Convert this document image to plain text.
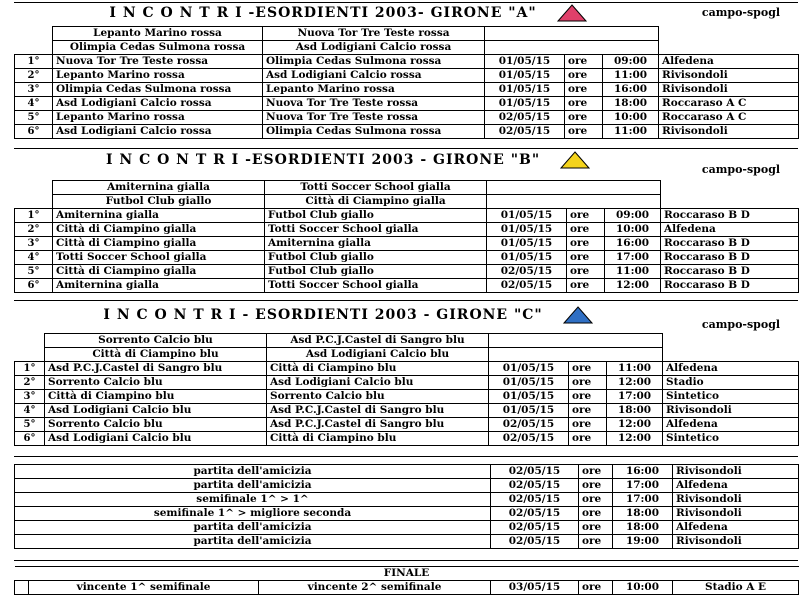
I N C O N T R I -ESORDIENTI 2003- GIRONE "A"	campo-spogl
	Lepanto Marino rossa	Nuova Tor Tre Teste rossa				
	Olimpia Cedas Sulmona rossa	Asd Lodigiani Calcio rossa				
1°	Nuova Tor Tre Teste rossa	Olimpia Cedas Sulmona rossa	01/05/15	ore	09:00	Alfedena
2°	Lepanto Marino rossa	Asd Lodigiani Calcio rossa	01/05/15	ore	11:00	Rivisondoli
3°	Olimpia Cedas Sulmona rossa	Lepanto Marino rossa	01/05/15	ore	16:00	Rivisondoli
4°	Asd Lodigiani Calcio rossa	Nuova Tor Tre Teste rossa	01/05/15	ore	18:00	Roccaraso A C
5°	Lepanto Marino rossa	Nuova Tor Tre Teste rossa	02/05/15	ore	10:00	Roccaraso A C
6°	Asd Lodigiani Calcio rossa	Olimpia Cedas Sulmona rossa	02/05/15	ore	11:00	Rivisondoli
I N C O N T R I -ESORDIENTI 2003 - GIRONE "B"
campo-spogl
	Amiternina gialla	Totti Soccer School gialla				
	Futbol Club giallo	Città di Ciampino gialla				
1°	Amiternina gialla	Futbol Club giallo	01/05/15	ore	09:00	Roccaraso B D
2°	Città di Ciampino gialla	Totti Soccer School gialla	01/05/15	ore	10:00	Alfedena
3°	Città di Ciampino gialla	Amiternina gialla	01/05/15	ore	16:00	Roccaraso B D
4°	Totti Soccer School gialla	Futbol Club giallo	01/05/15	ore	17:00	Roccaraso B D
5°	Città di Ciampino gialla	Futbol Club giallo	02/05/15	ore	11:00	Roccaraso B D
6°	Amiternina gialla	Totti Soccer School gialla	02/05/15	ore	12:00	Roccaraso B D
I N C O N T R I - ESORDIENTI 2003 - GIRONE "C"
campo-spogl
	Sorrento Calcio blu	Asd P.C.J.Castel di Sangro blu				
	Città di Ciampino blu	Asd Lodigiani Calcio blu				
1°	Asd P.C.J.Castel di Sangro blu	Città di Ciampino blu	01/05/15	ore	11:00	Alfedena
2°	Sorrento Calcio blu	Asd Lodigiani Calcio blu	01/05/15	ore	12:00	Stadio
3°	Città di Ciampino blu	Sorrento Calcio blu	01/05/15	ore	17:00	Sintetico
4°	Asd Lodigiani Calcio blu	Asd P.C.J.Castel di Sangro blu	01/05/15	ore	18:00	Rivisondoli
5°	Sorrento Calcio blu	Asd P.C.J.Castel di Sangro blu	02/05/15	ore	12:00	Alfedena
6°	Asd Lodigiani Calcio blu	Città di Ciampino blu	02/05/15	ore	12:00	Sintetico
partita dell'amicizia	02/05/15	ore	16:00	Rivisondoli
partita dell'amicizia	02/05/15	ore	17:00	Alfedena
semifinale 1^ > 1^	02/05/15	ore	17:00	Rivisondoli
semifinale 1^ > migliore seconda	02/05/15	ore	18:00	Rivisondoli
partita dell'amicizia	02/05/15	ore	18:00	Alfedena
partita dell'amicizia	02/05/15	ore	19:00	Rivisondoli
FINALE
	vincente 1^ semifinale	vincente 2^ semifinale	03/05/15	ore	10:00	Stadio A E
